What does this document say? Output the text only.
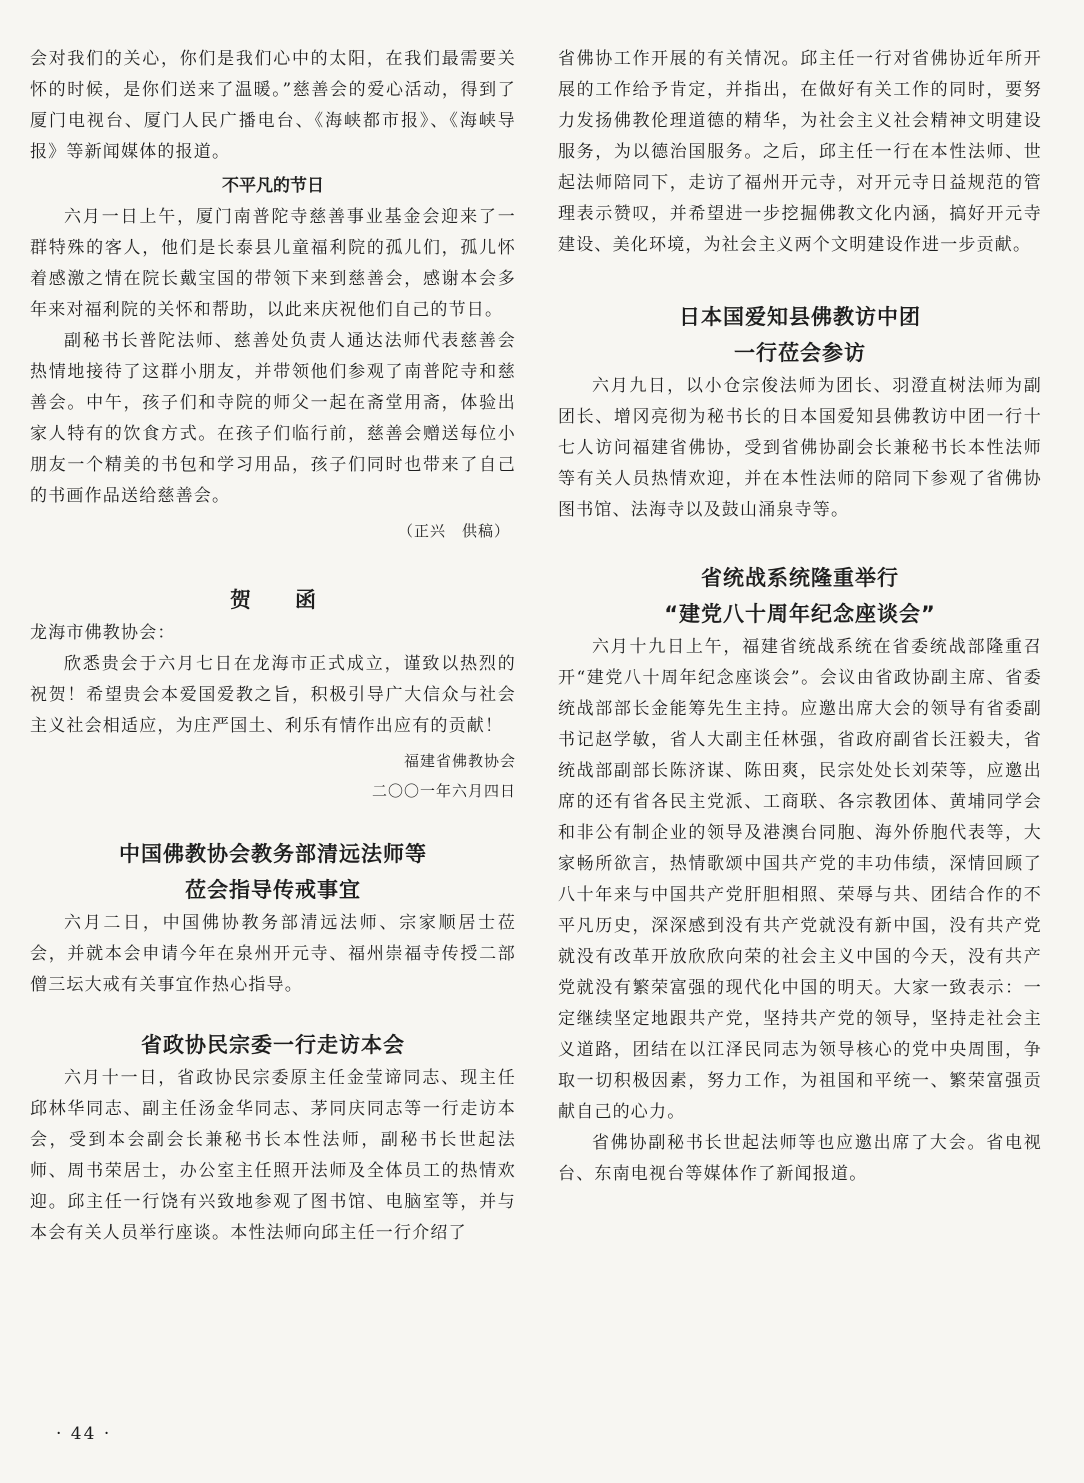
会对我们的关心，你们是我们心中的太阳，在我们最需要关怀的时候，是你们送来了温暖。”慈善会的爱心活动，得到了厦门电视台、厦门人民广播电台、《海峡都市报》、《海峡导报》等新闻媒体的报道。

不平凡的节日

六月一日上午，厦门南普陀寺慈善事业基金会迎来了一群特殊的客人，他们是长泰县儿童福利院的孤儿们，孤儿怀着感激之情在院长戴宝国的带领下来到慈善会，感谢本会多年来对福利院的关怀和帮助，以此来庆祝他们自己的节日。

副秘书长普陀法师、慈善处负责人通达法师代表慈善会热情地接待了这群小朋友，并带领他们参观了南普陀寺和慈善会。中午，孩子们和寺院的师父一起在斋堂用斋，体验出家人特有的饮食方式。在孩子们临行前，慈善会赠送每位小朋友一个精美的书包和学习用品，孩子们同时也带来了自己的书画作品送给慈善会。

（正兴　供稿）

贺函

龙海市佛教协会：

欣悉贵会于六月七日在龙海市正式成立，谨致以热烈的祝贺！希望贵会本爱国爱教之旨，积极引导广大信众与社会主义社会相适应，为庄严国土、利乐有情作出应有的贡献！

福建省佛教协会

二〇〇一年六月四日

中国佛教协会教务部清远法师等

莅会指导传戒事宜

六月二日，中国佛协教务部清远法师、宗家顺居士莅会，并就本会申请今年在泉州开元寺、福州崇福寺传授二部僧三坛大戒有关事宜作热心指导。

省政协民宗委一行走访本会

六月十一日，省政协民宗委原主任金莹谛同志、现主任邱林华同志、副主任汤金华同志、茅同庆同志等一行走访本会，受到本会副会长兼秘书长本性法师，副秘书长世起法师、周书荣居士，办公室主任照开法师及全体员工的热情欢迎。邱主任一行饶有兴致地参观了图书馆、电脑室等，并与本会有关人员举行座谈。本性法师向邱主任一行介绍了

省佛协工作开展的有关情况。邱主任一行对省佛协近年所开展的工作给予肯定，并指出，在做好有关工作的同时，要努力发扬佛教伦理道德的精华，为社会主义社会精神文明建设服务，为以德治国服务。之后，邱主任一行在本性法师、世起法师陪同下，走访了福州开元寺，对开元寺日益规范的管理表示赞叹，并希望进一步挖掘佛教文化内涵，搞好开元寺建设、美化环境，为社会主义两个文明建设作进一步贡献。

日本国爱知县佛教访中团

一行莅会参访

六月九日，以小仓宗俊法师为团长、羽澄直树法师为副团长、增冈亮彻为秘书长的日本国爱知县佛教访中团一行十七人访问福建省佛协，受到省佛协副会长兼秘书长本性法师等有关人员热情欢迎，并在本性法师的陪同下参观了省佛协图书馆、法海寺以及鼓山涌泉寺等。

省统战系统隆重举行

“建党八十周年纪念座谈会”

六月十九日上午，福建省统战系统在省委统战部隆重召开“建党八十周年纪念座谈会”。会议由省政协副主席、省委统战部部长金能筹先生主持。应邀出席大会的领导有省委副书记赵学敏，省人大副主任林强，省政府副省长汪毅夫，省统战部副部长陈济谋、陈田爽，民宗处处长刘荣等，应邀出席的还有省各民主党派、工商联、各宗教团体、黄埔同学会和非公有制企业的领导及港澳台同胞、海外侨胞代表等，大家畅所欲言，热情歌颂中国共产党的丰功伟绩，深情回顾了八十年来与中国共产党肝胆相照、荣辱与共、团结合作的不平凡历史，深深感到没有共产党就没有新中国，没有共产党就没有改革开放欣欣向荣的社会主义中国的今天，没有共产党就没有繁荣富强的现代化中国的明天。大家一致表示：一定继续坚定地跟共产党，坚持共产党的领导，坚持走社会主义道路，团结在以江泽民同志为领导核心的党中央周围，争取一切积极因素，努力工作，为祖国和平统一、繁荣富强贡献自己的心力。

省佛协副秘书长世起法师等也应邀出席了大会。省电视台、东南电视台等媒体作了新闻报道。

· 44 ·
